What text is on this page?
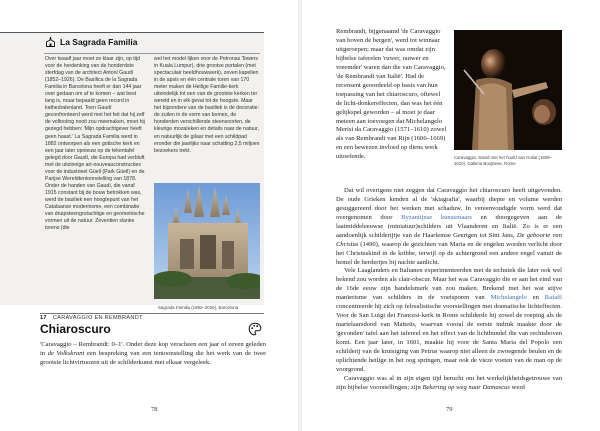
La Sagrada Familia
Over twaalf jaar moet ze klaar zijn, op tijd voor de herdenking van de honderdste sterfdag van de architect Antoni Gaudí (1852–1926). De Basílica de la Sagrada Familia in Barcelona heeft er dan 144 jaar over gedaan om af te komen – wat best lang is, maar bepaald geen record in kathedralenland. Toen Gaudí geconfronteerd werd met het feit dat hij zelf de voltooiing nooit zou meemaken, moet hij gezegd hebben: 'Mijn opdrachtgever heeft geen haast.' La Sagrada Familia werd in 1882 ontworpen als een gotische kerk en een jaar later opnieuw op de tekentafel gelegd door Gaudí, die Europa had verbluft met de uitzinnige art-nouveauconstructies voor de industrieel Güell (Park Güell) en de Parijse Wereldtentoonstelling van 1878. Onder de handen van Gaudí, die vanaf 1915 constant bij de bouw betrokken was, werd de basiliek een hoogtepunt van het Catalaanse modernisme, een combinatie van druipsteengrotachtige en geometrische vormen uit de natuur. Zeventien slanke torens (die
wel het model lijken voor de Petronas Towers in Kuala Lumpur), drie grootse portalen (met spectaculair beeldhouwwerk), zeven kapellen in de apsis en één centrale toren van 170 meter maken de Heilige Familie-kerk uiteindelijk tot een van de grootste kerken ter wereld en in elk geval tot de hoogste. Maar het bijzondere van de basiliek is de decoratie: de zuilen in de vorm van bomen, de honderden verschillende steensoorten, de kleurige mozaïeken en details naar de natuur, en natuurlijk de gilaar met een schildpad eronder die jaarlijks naar schatting 2,5 miljoen bezoekers trekt.
Sagrada Familia (1882–2026), Barcelona
17 CARAVAGGIO EN REMBRANDT
Chiaroscuro

'Caravaggio – Rembrandt: 0–1'. Onder deze kop verscheen een jaar of zeven geleden in de Volkskrant een bespreking van een tentoonstelling die het werk van de twee grootste lichtvirtuozen uit de schilderkunst met elkaar vergeleek.

78

Rembrandt, bijgenaamd 'de Caravaggio van boven de bergen', werd tot winnaar uitgeroepen; maar dat was omdat zijn bijbelse taferelen 'ruwer, rauwer en vreemder' waren dan die van Caravaggio, 'de Rembrandt van Italië'. Had de recensent geoordeeld op basis van hun toepassing van het chiaroscuro, oftewel de licht-donkereffecten, dan was het één gelijkspel geworden – al moet je daar meteen aan toevoegen dat Michelangelo Merisi da Caravaggio (1571–1610) zowel als van Rembrandt van Rijn (1606–1669) en een bewezen invloed op diens werk uitoefende.	Caravaggio, David met het hoofd van Goliat (1609–1610), Galleria Borghese, Rome

Dat wil overigens niet zeggen dat Caravaggio het chiaroscuro heeft uitgevonden. De oude Grieken kenden al de 'skiagrafia', waarbij diepte en volume werden gesuggereerd door het werken met schaduw. In vereenvoudigde vorm werd dat overgenomen door Byzantijnse kunstenaars en doorgegeven aan de laatmiddeleeuwse (miniatuur)schilders uit Vlaanderen en Italië. Zo is er een aandoenlijk schilderijtje van de Haarlemse Geertgen tot Sint Jans, De geboorte van Christus (1490), waarop de gezichten van Maria en de engelen worden verlicht door het Christuskind in de kribbe, terwijl op de achtergrond een andere engel vanuit de hemel de herdertjes bij nachte aanlicht.

Vele Laaglanders en Italianen experimenteerden met de techniek die later ook wel bekend zou worden als clair-obscur. Maar het was Caravaggio die er aan het eind van de 16de eeuw zijn handelsmerk van zou maken. Brekend met het wat stijve manïerisme van schilders in de voetsporen van Michelangelo en Rafaël concentreerde hij zich op felrealistische voorstellingen met dramatische lichteffecten. Voor de San Luigi dei Francesi-kerk in Rome schilderde hij zowel de roeping als de martelaarsdood van Matteüs, waarvan vooral de eerste indruk maakte door de 'gevonden' tafel aan het tafereel en het effect van de lichtbundel die van rechtsboven komt. Een jaar later, in 1601, maakte hij voor de Santa Maria del Popolo een schilderij van de kruisiging van Petrus waarop niet alleen de zwoegende beulen en de oplichtende heilige in het oog springen, maar ook de vieze voeten van de man op de voorgrond.

Caravaggio was al in zijn eigen tijd berucht om het werkelijkheidsgetrouwe van zijn bijbelse voorstellingen; zijn Bekering op weg naar Damascus werd

79
